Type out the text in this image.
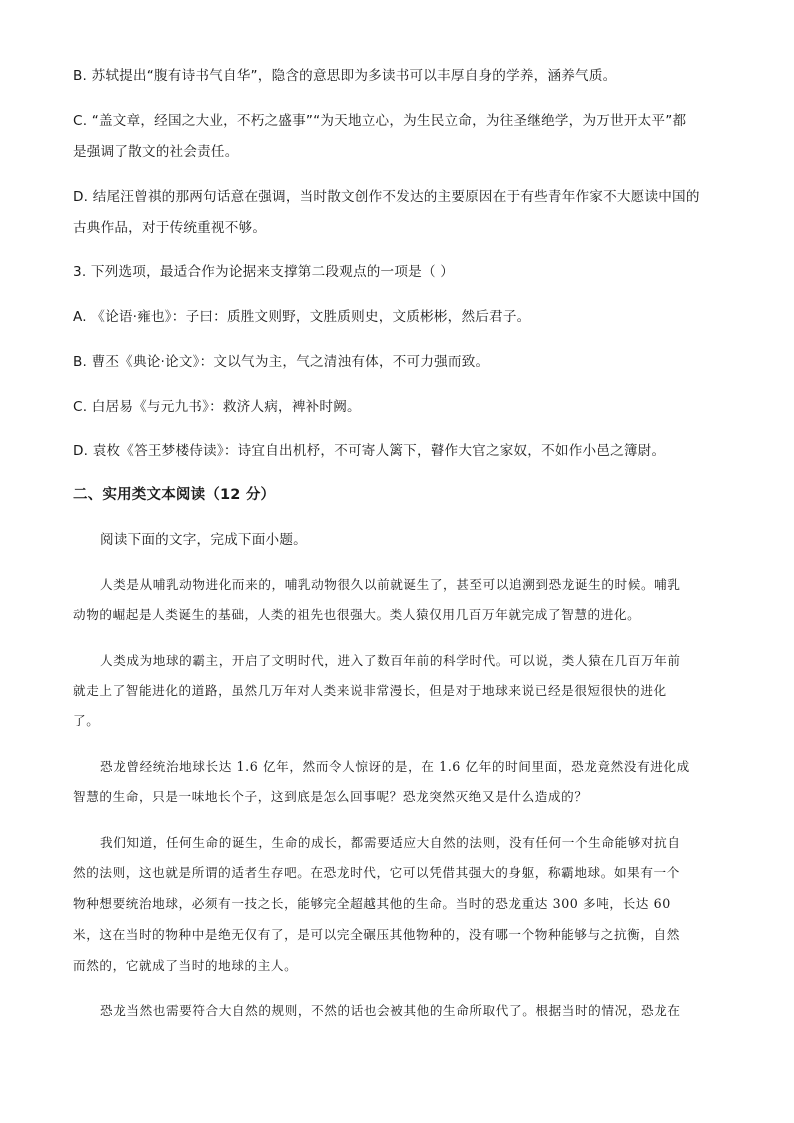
B. 苏轼提出“腹有诗书气自华”，隐含的意思即为多读书可以丰厚自身的学养，涵养气质。
C. “盖文章，经国之大业，不朽之盛事”“为天地立心，为生民立命，为往圣继绝学，为万世开太平”都
是强调了散文的社会责任。
D. 结尾汪曾祺的那两句话意在强调，当时散文创作不发达的主要原因在于有些青年作家不大愿读中国的
古典作品，对于传统重视不够。
3. 下列选项，最适合作为论据来支撑第二段观点的一项是（ ）
A. 《论语·雍也》：子曰：质胜文则野，文胜质则史，文质彬彬，然后君子。
B. 曹丕《典论·论文》：文以气为主，气之清浊有体，不可力强而致。
C. 白居易《与元九书》：救济人病，裨补时阙。
D. 袁枚《答王梦楼侍读》：诗宜自出机杼，不可寄人篱下，瞽作大官之家奴，不如作小邑之簿尉。
二、实用类文本阅读（12 分）
阅读下面的文字，完成下面小题。
人类是从哺乳动物进化而来的，哺乳动物很久以前就诞生了，甚至可以追溯到恐龙诞生的时候。哺乳
动物的崛起是人类诞生的基础，人类的祖先也很强大。类人猿仅用几百万年就完成了智慧的进化。
人类成为地球的霸主，开启了文明时代，进入了数百年前的科学时代。可以说，类人猿在几百万年前
就走上了智能进化的道路，虽然几万年对人类来说非常漫长，但是对于地球来说已经是很短很快的进化
了。
恐龙曾经统治地球长达 1.6 亿年，然而令人惊讶的是，在 1.6 亿年的时间里面，恐龙竟然没有进化成
智慧的生命，只是一味地长个子，这到底是怎么回事呢？恐龙突然灭绝又是什么造成的？
我们知道，任何生命的诞生，生命的成长，都需要适应大自然的法则，没有任何一个生命能够对抗自
然的法则，这也就是所谓的适者生存吧。在恐龙时代，它可以凭借其强大的身躯，称霸地球。如果有一个
物种想要统治地球，必须有一技之长，能够完全超越其他的生命。当时的恐龙重达 300 多吨，长达 60
米，这在当时的物种中是绝无仅有了，是可以完全碾压其他物种的，没有哪一个物种能够与之抗衡，自然
而然的，它就成了当时的地球的主人。
恐龙当然也需要符合大自然的规则，不然的话也会被其他的生命所取代了。根据当时的情况，恐龙在
